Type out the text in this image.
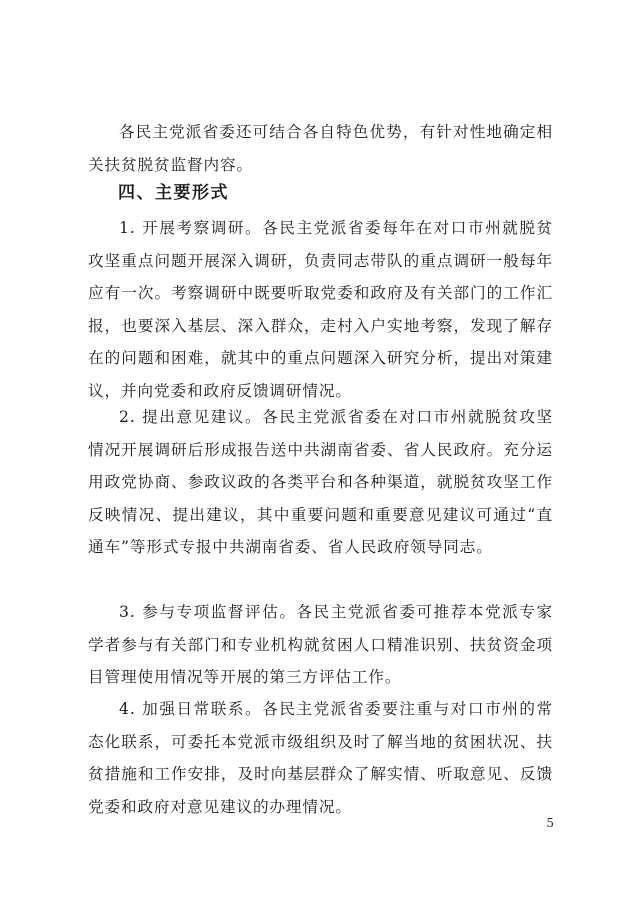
各民主党派省委还可结合各自特色优势，有针对性地确定相关扶贫脱贫监督内容。

四、主要形式

1. 开展考察调研。各民主党派省委每年在对口市州就脱贫攻坚重点问题开展深入调研，负责同志带队的重点调研一般每年应有一次。考察调研中既要听取党委和政府及有关部门的工作汇报，也要深入基层、深入群众，走村入户实地考察，发现了解存在的问题和困难，就其中的重点问题深入研究分析，提出对策建议，并向党委和政府反馈调研情况。

2. 提出意见建议。各民主党派省委在对口市州就脱贫攻坚情况开展调研后形成报告送中共湖南省委、省人民政府。充分运用政党协商、参政议政的各类平台和各种渠道，就脱贫攻坚工作反映情况、提出建议，其中重要问题和重要意见建议可通过“直通车”等形式专报中共湖南省委、省人民政府领导同志。

3. 参与专项监督评估。各民主党派省委可推荐本党派专家学者参与有关部门和专业机构就贫困人口精准识别、扶贫资金项目管理使用情况等开展的第三方评估工作。

4. 加强日常联系。各民主党派省委要注重与对口市州的常态化联系，可委托本党派市级组织及时了解当地的贫困状况、扶贫措施和工作安排，及时向基层群众了解实情、听取意见、反馈党委和政府对意见建议的办理情况。

5
